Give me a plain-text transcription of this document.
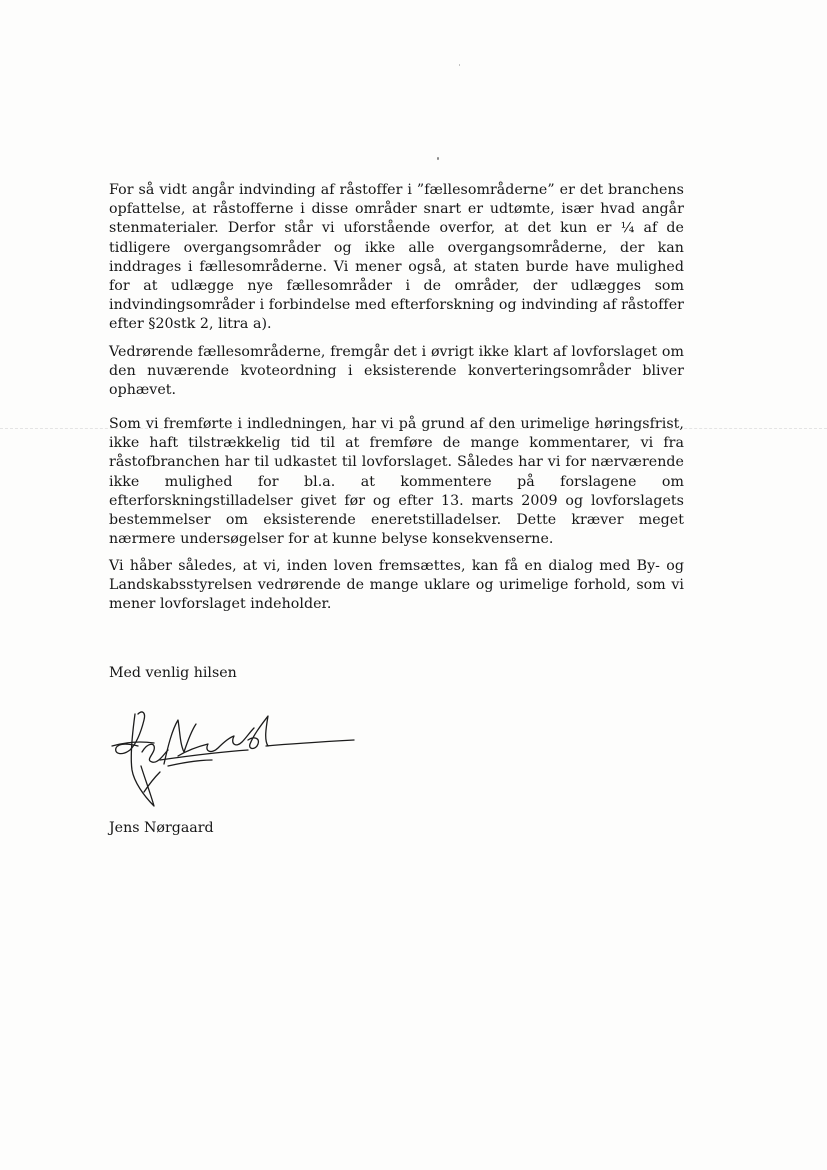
For så vidt angår indvinding af råstoffer i ”fællesområderne” er det branchens opfattelse, at råstofferne i disse områder snart er udtømte, især hvad angår stenmaterialer. Derfor står vi uforstående overfor, at det kun er ¼ af de tidligere overgangsområder og ikke alle overgangsområderne, der kan inddrages i fællesområderne. Vi mener også, at staten burde have mulighed for at udlægge nye fællesområder i de områder, der udlægges som indvindingsområder i forbindelse med efterforskning og indvinding af råstoffer efter §20stk 2, litra a).

Vedrørende fællesområderne, fremgår det i øvrigt ikke klart af lovforslaget om den nuværende kvoteordning i eksisterende konverteringsområder bliver ophævet.

Som vi fremførte i indledningen, har vi på grund af den urimelige høringsfrist, ikke haft tilstrækkelig tid til at fremføre de mange kommentarer, vi fra råstofbranchen har til udkastet til lovforslaget. Således har vi for nærværende ikke mulighed for bl.a. at kommentere på forslagene om efterforskningstilladelser givet før og efter 13. marts 2009 og lovforslagets bestemmelser om eksisterende eneretstilladelser. Dette kræver meget nærmere undersøgelser for at kunne belyse konsekvenserne.

Vi håber således, at vi, inden loven fremsættes, kan få en dialog med By- og Landskabsstyrelsen vedrørende de mange uklare og urimelige forhold, som vi mener lovforslaget indeholder.

Med venlig hilsen
Jens Nørgaard
